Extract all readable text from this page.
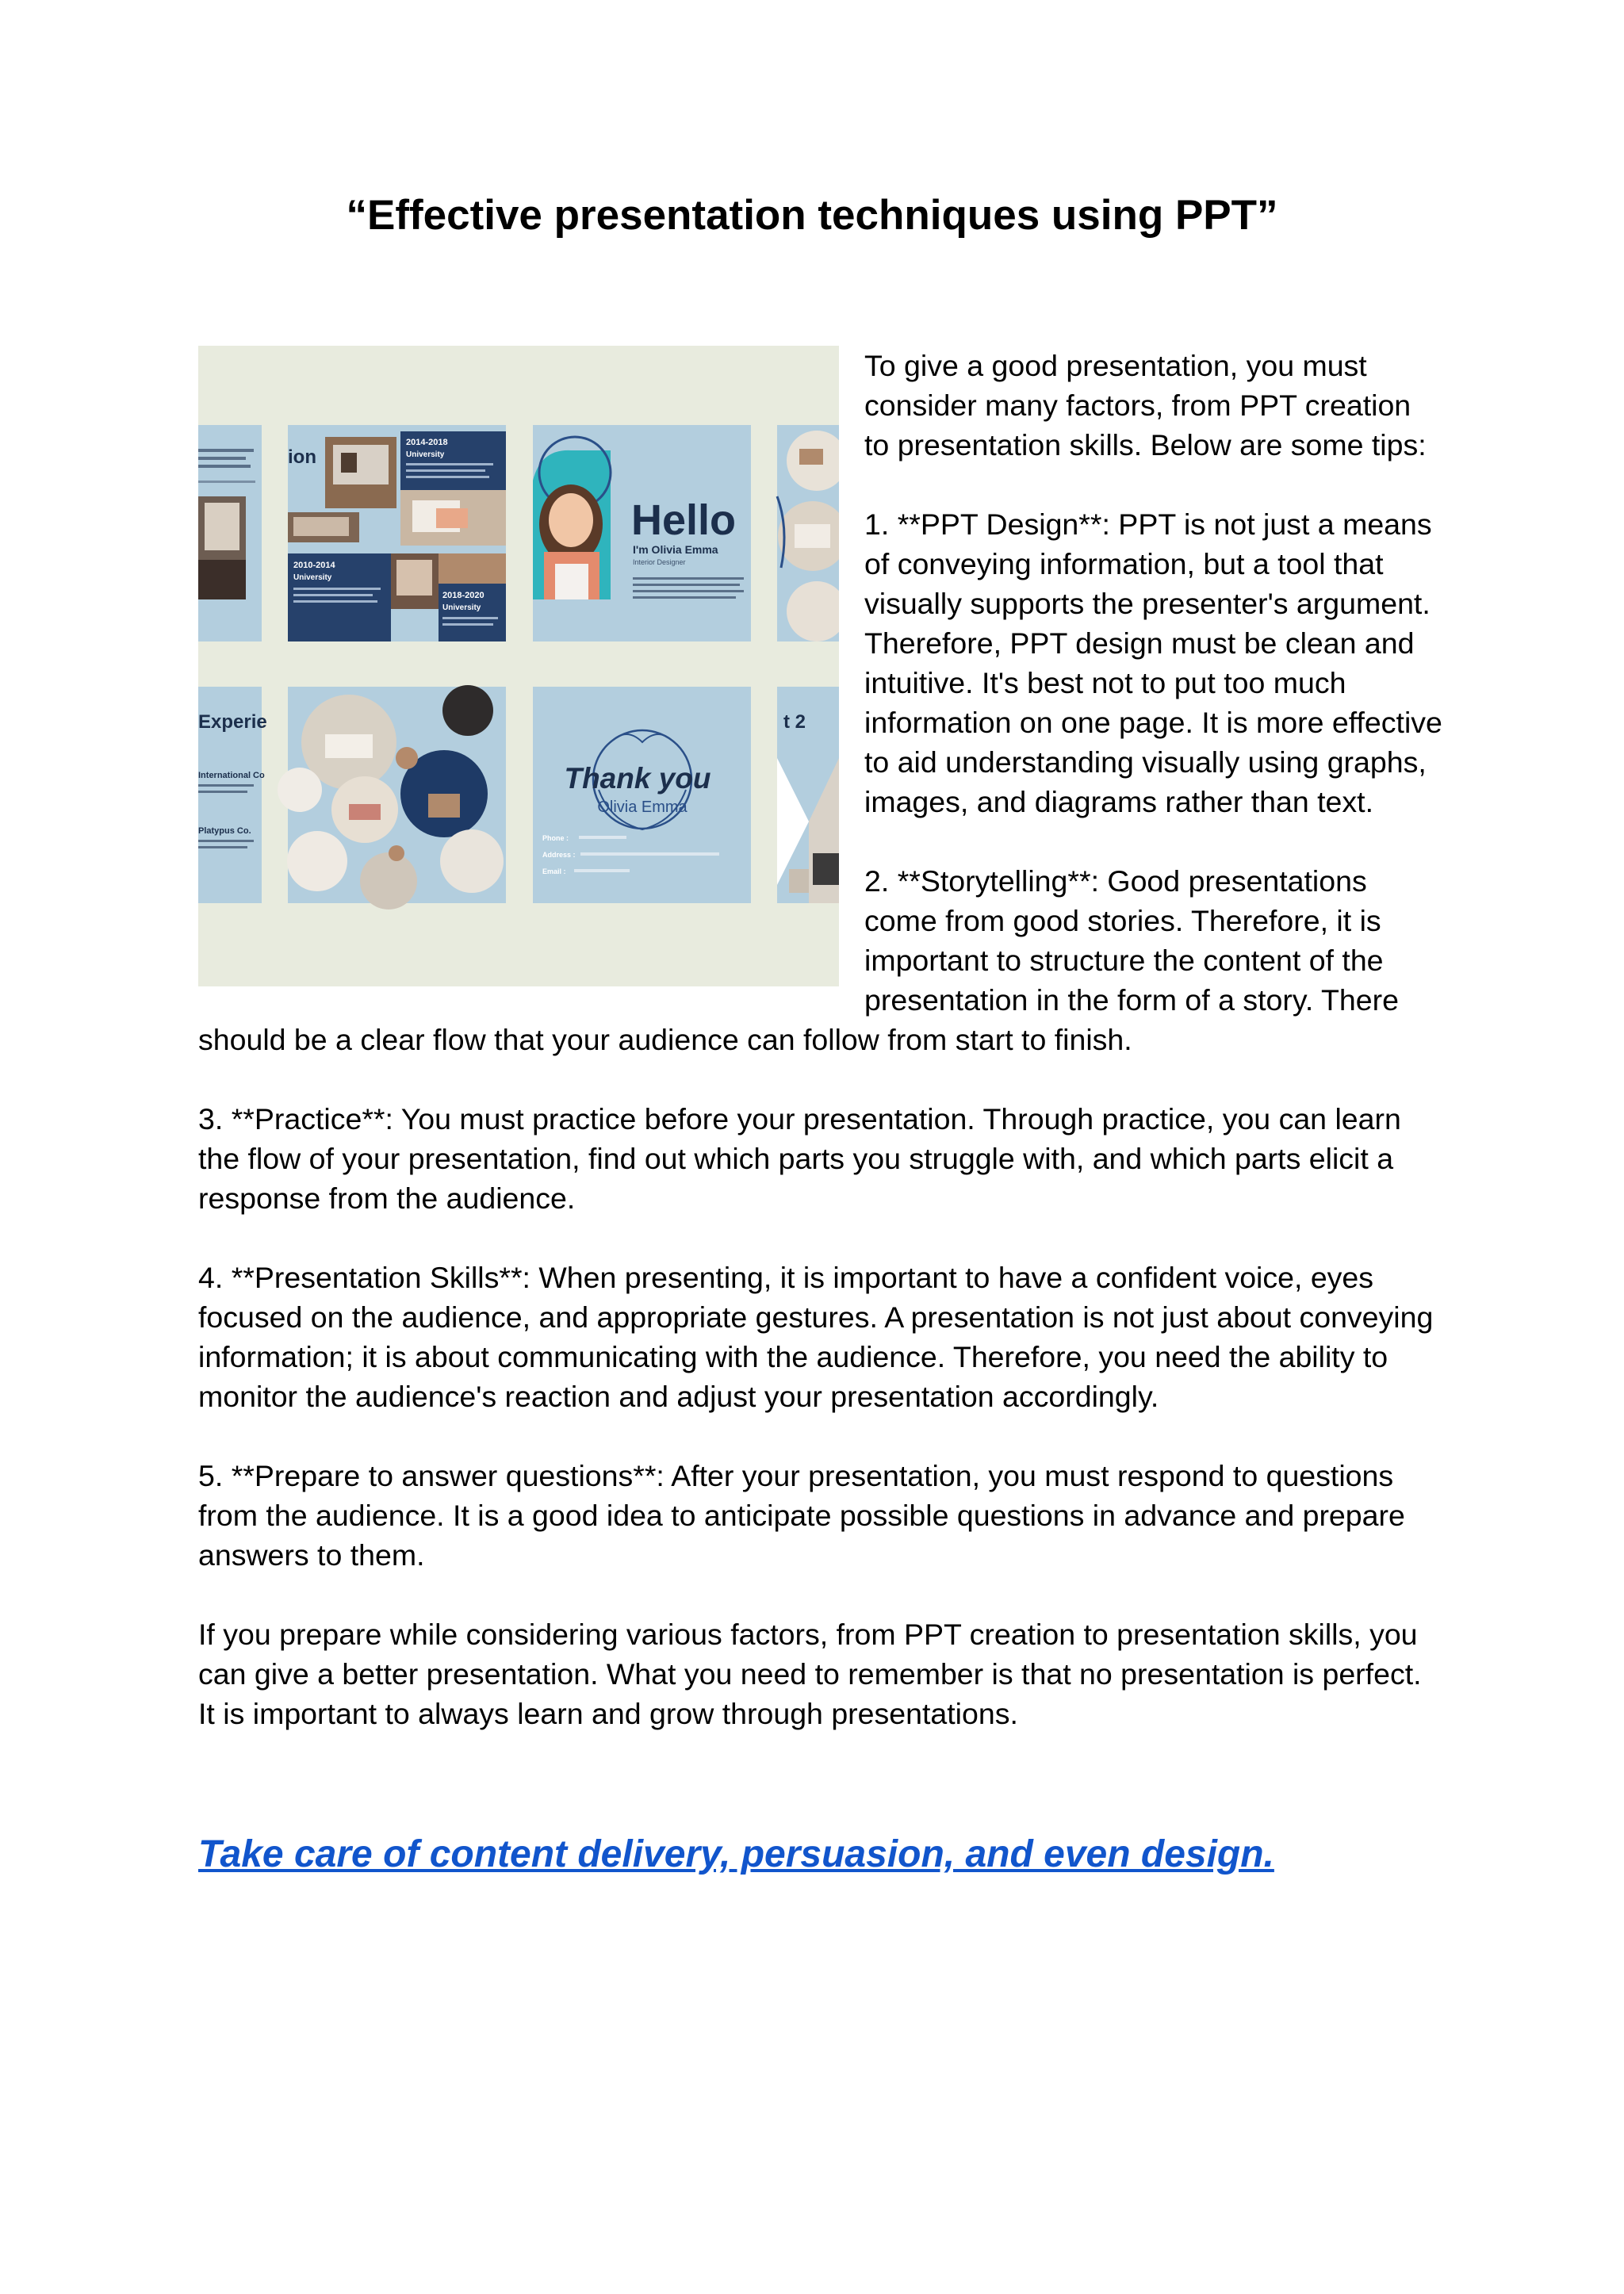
“Effective presentation techniques using PPT”
ion
2014-2018
University
2010-2014
University
2018-2020
University
Hello
I'm Olivia Emma
Interior Designer
Experie
International Co
Platypus Co.
Thank you
Olivia Emma
Phone :
Address :
Email :
t 2

To give a good presentation, you must consider many factors, from PPT creation to presentation skills. Below are some tips:

1. **PPT Design**: PPT is not just a means of conveying information, but a tool that visually supports the presenter's argument. Therefore, PPT design must be clean and intuitive. It's best not to put too much information on one page. It is more effective to aid understanding visually using graphs, images, and diagrams rather than text.

2. **Storytelling**: Good presentations come from good stories. Therefore, it is important to structure the content of the presentation in the form of a story. There should be a clear flow that your audience can follow from start to finish.

3. **Practice**: You must practice before your presentation. Through practice, you can learn the flow of your presentation, find out which parts you struggle with, and which parts elicit a response from the audience.

4. **Presentation Skills**: When presenting, it is important to have a confident voice, eyes focused on the audience, and appropriate gestures. A presentation is not just about conveying information; it is about communicating with the audience. Therefore, you need the ability to monitor the audience's reaction and adjust your presentation accordingly.

5. **Prepare to answer questions**: After your presentation, you must respond to questions from the audience. It is a good idea to anticipate possible questions in advance and prepare answers to them.

If you prepare while considering various factors, from PPT creation to presentation skills, you can give a better presentation. What you need to remember is that no presentation is perfect. It is important to always learn and grow through presentations.

Take care of content delivery, persuasion, and even design.
